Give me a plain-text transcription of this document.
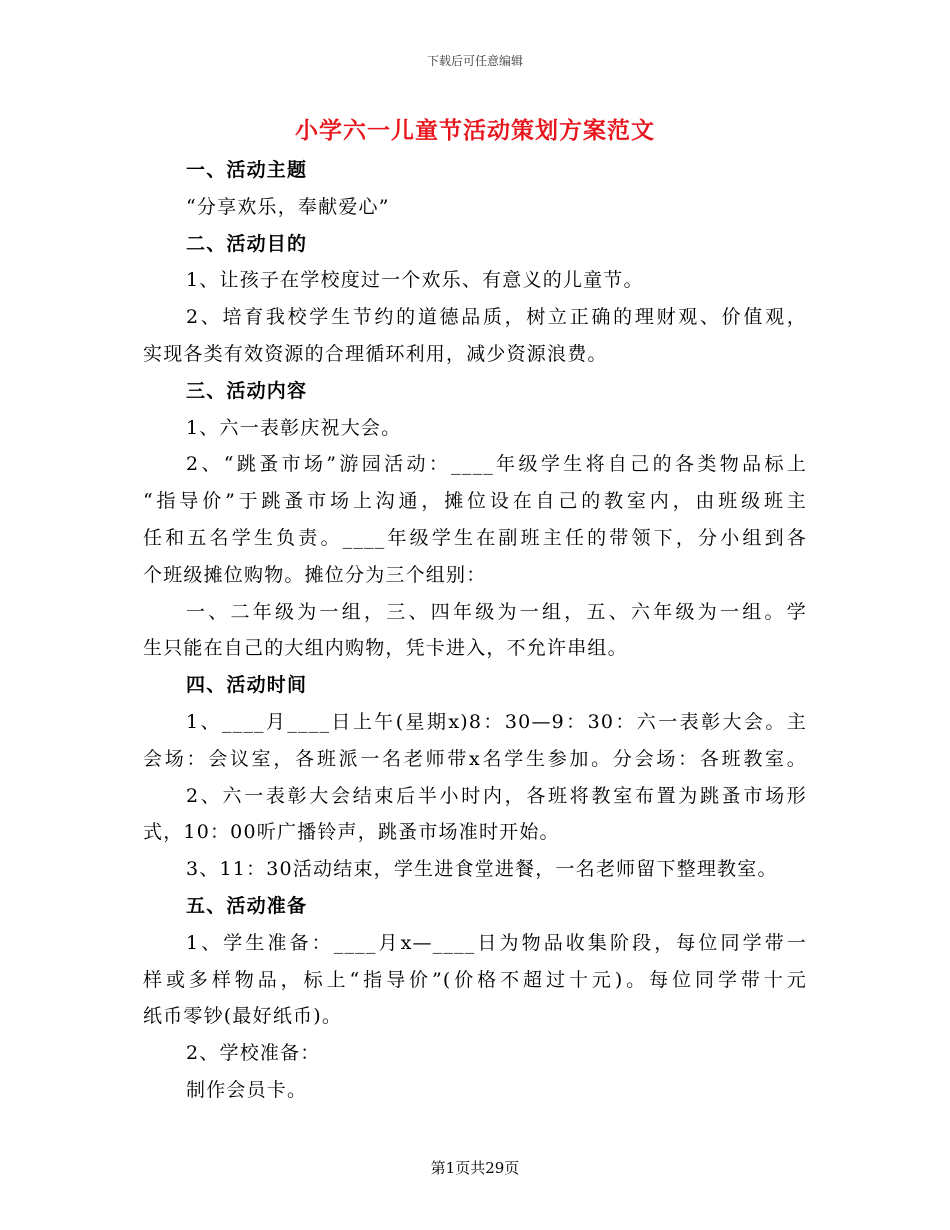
下载后可任意编辑
小学六一儿童节活动策划方案范文
一、活动主题
“分享欢乐，奉献爱心”
二、活动目的
1、让孩子在学校度过一个欢乐、有意义的儿童节。
2、培育我校学生节约的道德品质，树立正确的理财观、价值观，
实现各类有效资源的合理循环利用，减少资源浪费。
三、活动内容
1、六一表彰庆祝大会。
2、“跳蚤市场”游园活动：____年级学生将自己的各类物品标上
“指导价”于跳蚤市场上沟通，摊位设在自己的教室内，由班级班主
任和五名学生负责。____年级学生在副班主任的带领下，分小组到各
个班级摊位购物。摊位分为三个组别：
一、二年级为一组，三、四年级为一组，五、六年级为一组。学
生只能在自己的大组内购物，凭卡进入，不允许串组。
四、活动时间
1、____月____日上午(星期x)8：30—9：30：六一表彰大会。主
会场：会议室，各班派一名老师带x名学生参加。分会场：各班教室。
2、六一表彰大会结束后半小时内，各班将教室布置为跳蚤市场形
式，10：00听广播铃声，跳蚤市场准时开始。
3、11：30活动结束，学生进食堂进餐，一名老师留下整理教室。
五、活动准备
1、学生准备：____月x—____日为物品收集阶段，每位同学带一
样或多样物品，标上“指导价”(价格不超过十元)。每位同学带十元
纸币零钞(最好纸币)。
2、学校准备：
制作会员卡。
第1页共29页
